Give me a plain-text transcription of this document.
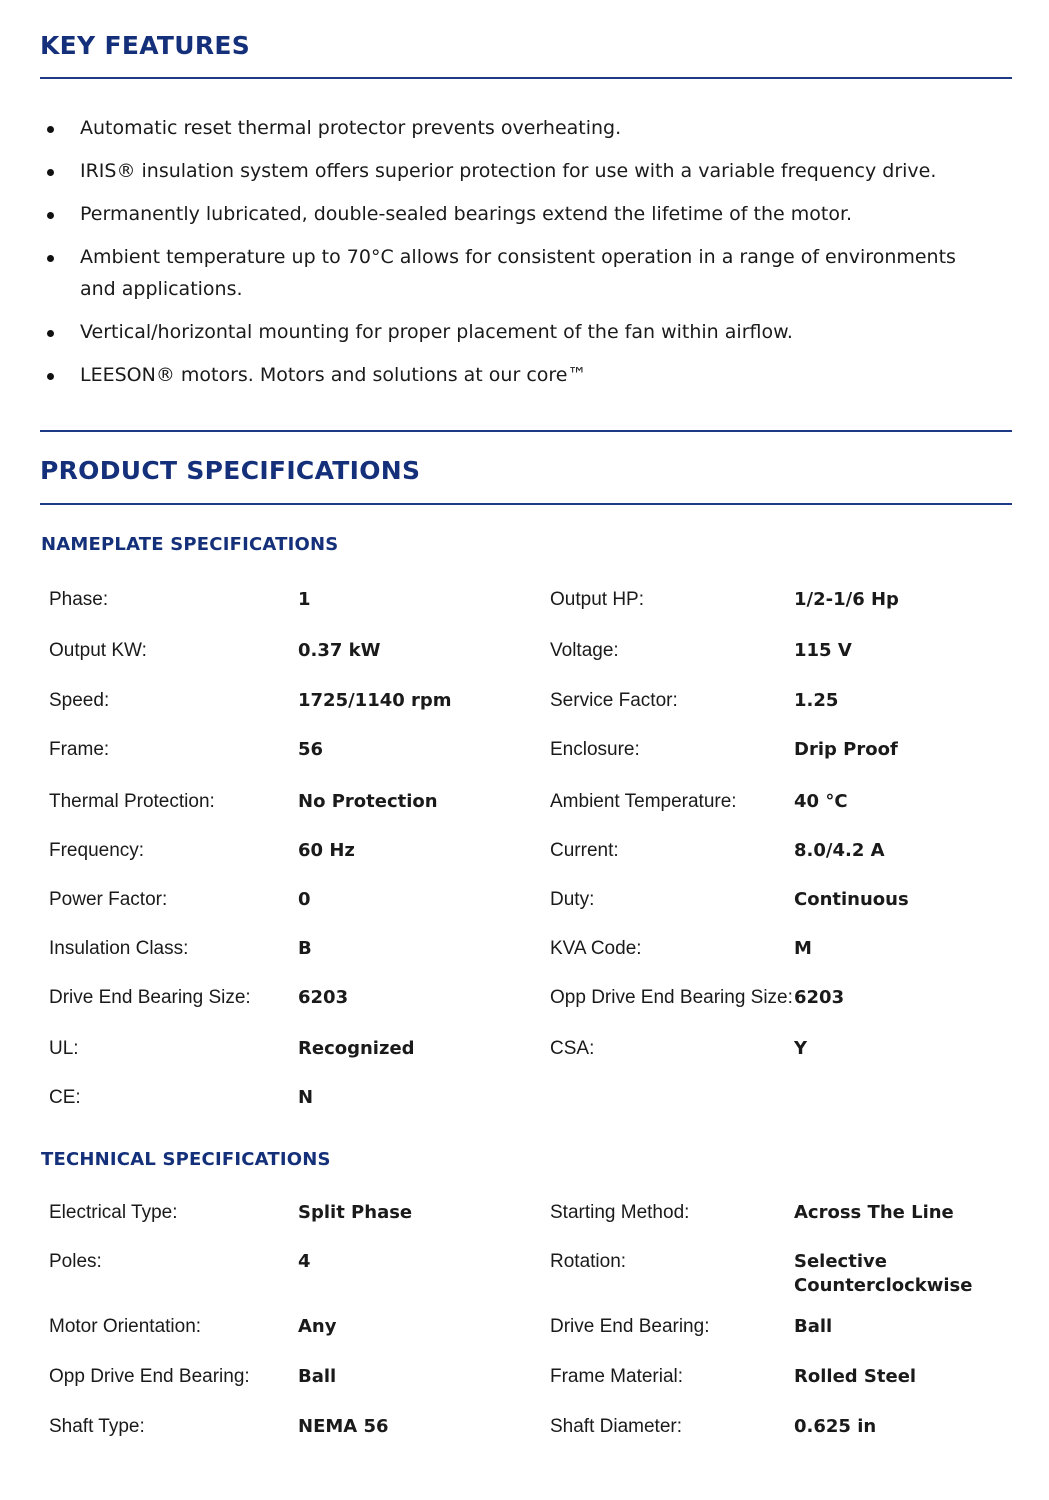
KEY FEATURES
Automatic reset thermal protector prevents overheating.
IRIS® insulation system offers superior protection for use with a variable frequency drive.
Permanently lubricated, double-sealed bearings extend the lifetime of the motor.
Ambient temperature up to 70°C allows for consistent operation in a range of environments and applications.
Vertical/horizontal mounting for proper placement of the fan within airflow.
LEESON® motors. Motors and solutions at our core™
PRODUCT SPECIFICATIONS
NAMEPLATE SPECIFICATIONS
Phase:	1	Output HP:	1/2-1/6 Hp
Output KW:	0.37 kW	Voltage:	115 V
Speed:	1725/1140 rpm	Service Factor:	1.25
Frame:	56	Enclosure:	Drip Proof
Thermal Protection:	No Protection	Ambient Temperature:	40 °C
Frequency:	60 Hz	Current:	8.0/4.2 A
Power Factor:	0	Duty:	Continuous
Insulation Class:	B	KVA Code:	M
Drive End Bearing Size:	6203	Opp Drive End Bearing Size: 6203
UL:	Recognized	CSA:	Y
CE:	N
TECHNICAL SPECIFICATIONS
Electrical Type:	Split Phase	Starting Method:	Across The Line
Poles:	4	Rotation:	Selective Counterclockwise
Motor Orientation:	Any	Drive End Bearing:	Ball
Opp Drive End Bearing:	Ball	Frame Material:	Rolled Steel
Shaft Type:	NEMA 56	Shaft Diameter:	0.625 in
